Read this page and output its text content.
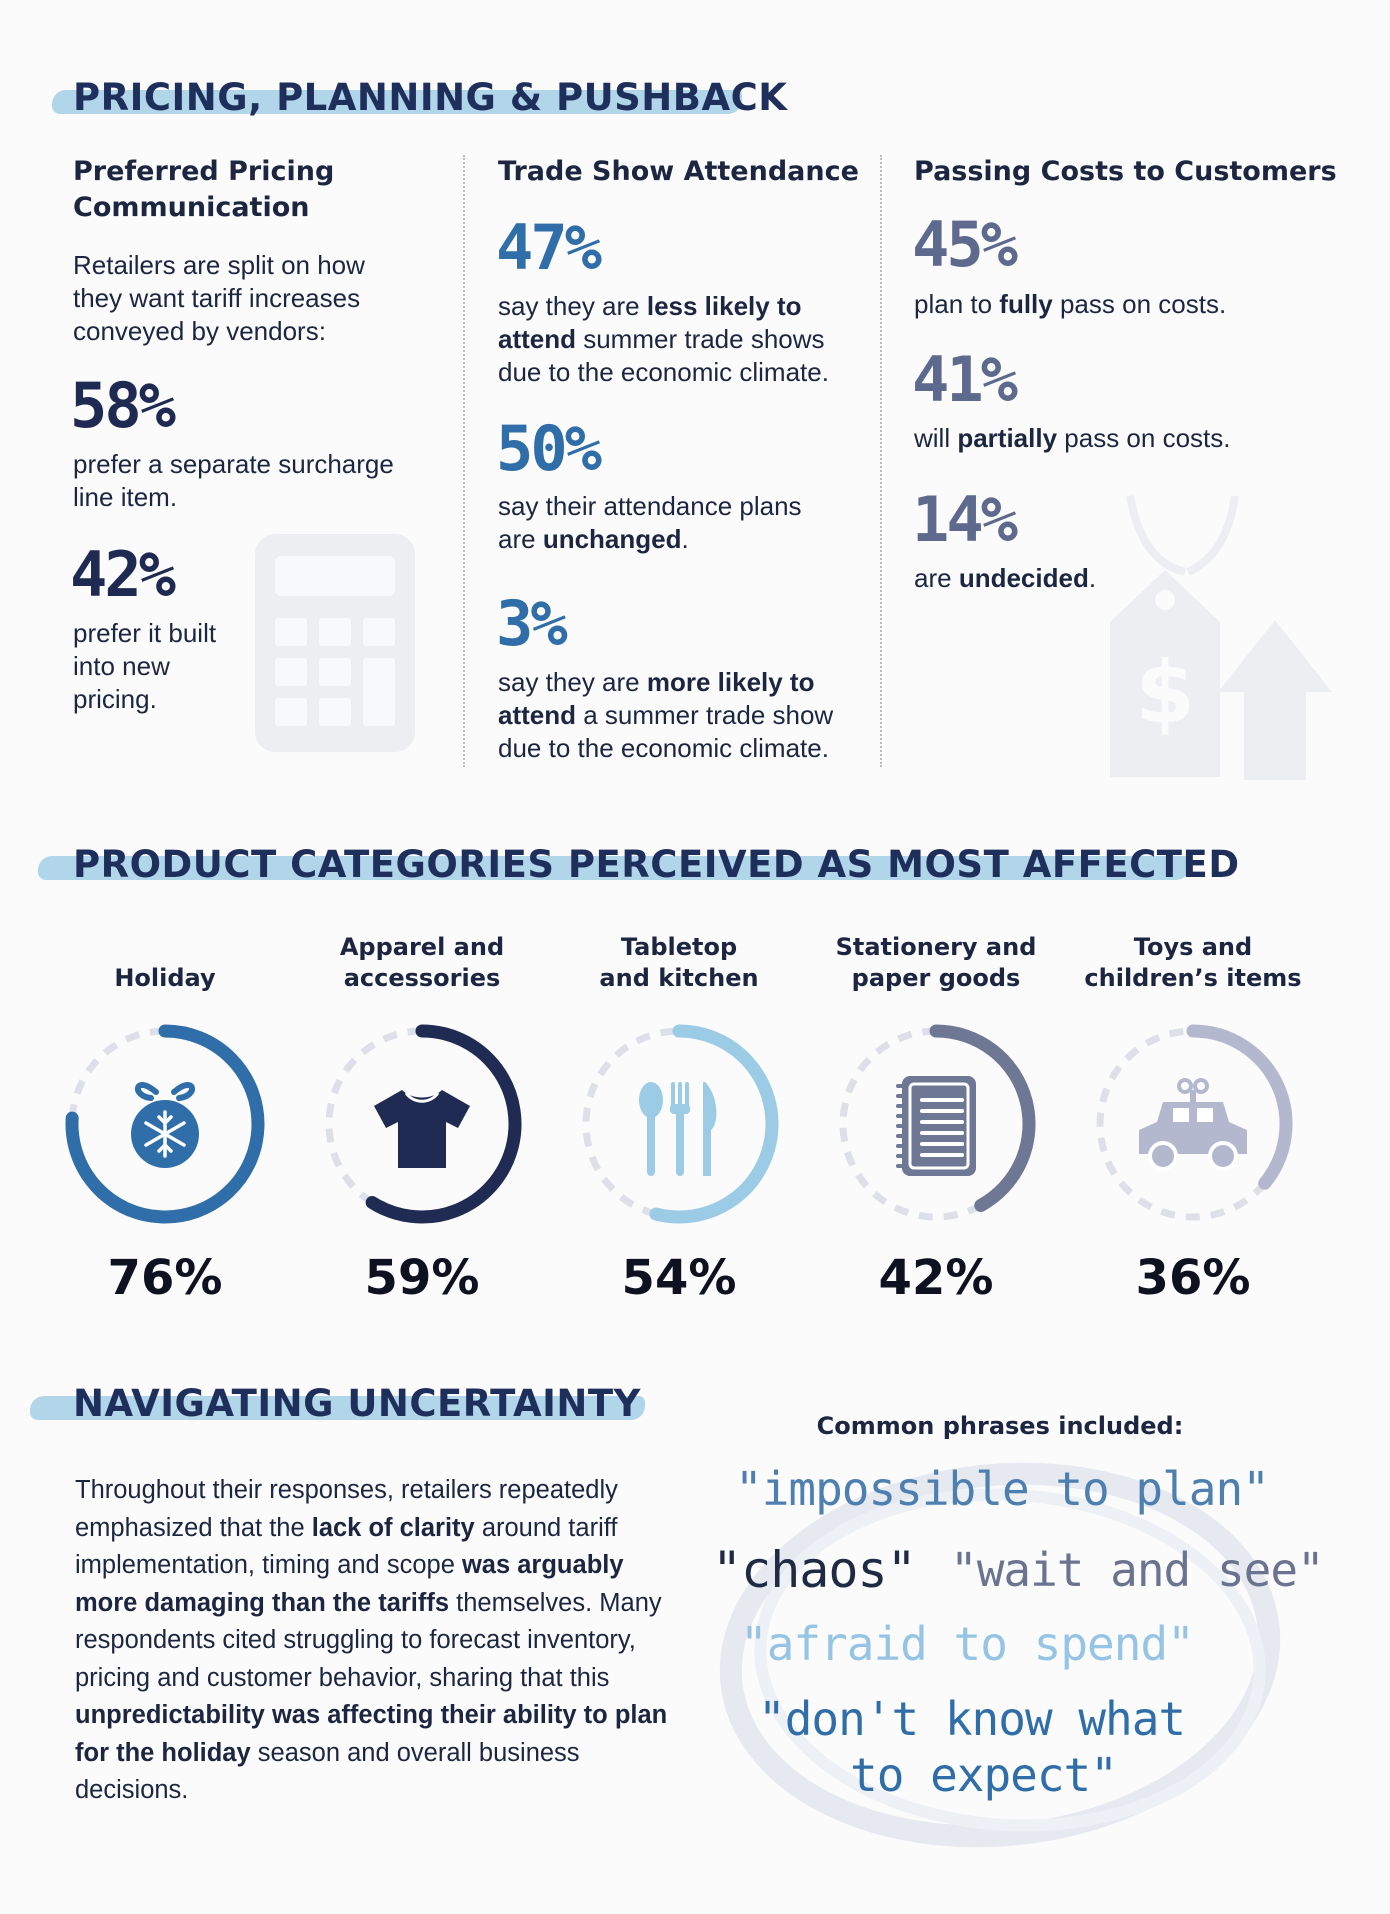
PRICING, PLANNING & PUSHBACK
Preferred Pricing
Communication
Retailers are split on how
they want tariff increases
conveyed by vendors:
58%
prefer a separate surcharge
line item.
42%
prefer it built
into new
pricing.
Trade Show Attendance
47%
say they are less likely to
attend summer trade shows
due to the economic climate.
50%
say their attendance plans
are unchanged.
3%
say they are more likely to
attend a summer trade show
due to the economic climate.
Passing Costs to Customers
$
45%
plan to fully pass on costs.
41%
will partially pass on costs.
14%
are undecided.
PRODUCT CATEGORIES PERCEIVED AS MOST AFFECTED

Holiday
76%
Apparel and
accessories
59%
Tabletop
and kitchen
54%
Stationery and
paper goods
42%
Toys and
children’s items
36%
NAVIGATING UNCERTAINTY
Throughout their responses, retailers repeatedly emphasized that the lack of clarity around tariff implementation, timing and scope was arguably more damaging than the tariffs themselves. Many respondents cited struggling to forecast inventory, pricing and customer behavior, sharing that this unpredictability was affecting their ability to plan for the holiday season and overall business decisions.
Common phrases included:
"impossible to plan"
"chaos" "wait and see"
"afraid to spend"
"don't know what
to expect"
